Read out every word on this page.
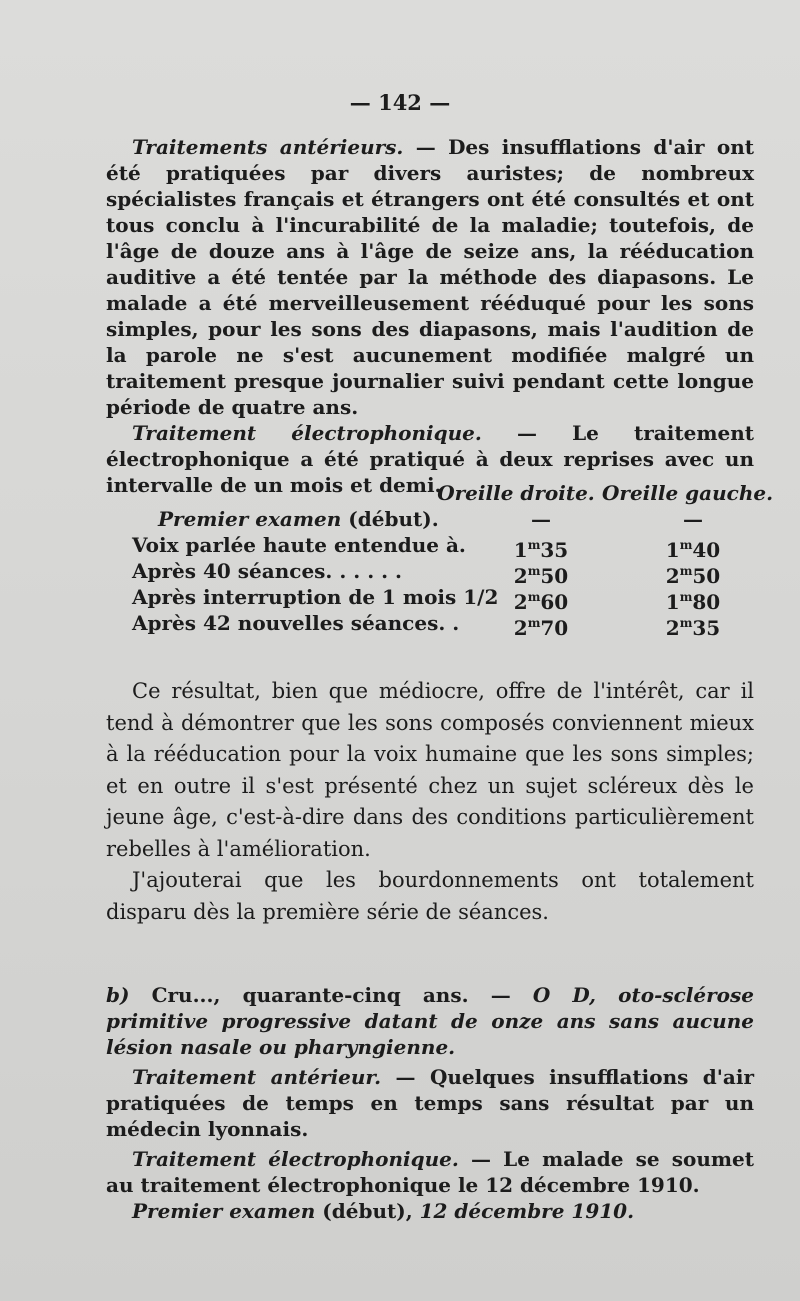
— 142 —

Traitements antérieurs. — Des insufflations d'air ont été pratiquées par divers auristes; de nombreux spécialistes français et étrangers ont été consultés et ont tous conclu à l'incurabilité de la maladie; toutefois, de l'âge de douze ans à l'âge de seize ans, la rééducation auditive a été tentée par la méthode des diapasons. Le malade a été merveilleusement rééduqué pour les sons simples, pour les sons des diapasons, mais l'audition de la parole ne s'est aucunement modifiée malgré un traitement presque journalier suivi pendant cette longue période de quatre ans.

Traitement électrophonique. — Le traitement électrophonique a été pratiqué à deux reprises avec un intervalle de un mois et demi.

Oreille droite. Oreille gauche.
Premier examen (début).	—	—
Voix parlée haute entendue à.	1$^m$35	1$^m$40
Après 40 séances. . . . . .	2$^m$50	2$^m$50
Après interruption de 1 mois 1/2 2$^m$60	1$^m$80
Après 42 nouvelles séances. .	2$^m$70	2$^m$35

Ce résultat, bien que médiocre, offre de l'intérêt, car il tend à démontrer que les sons composés conviennent mieux à la rééducation pour la voix humaine que les sons simples; et en outre il s'est présenté chez un sujet scléreux dès le jeune âge, c'est-à-dire dans des conditions particulièrement rebelles à l'amélioration.

J'ajouterai que les bourdonnements ont totalement disparu dès la première série de séances.

b) Cru..., quarante-cinq ans. — O D, oto-sclérose primitive progressive datant de onze ans sans aucune lésion nasale ou pharyngienne.

Traitement antérieur. — Quelques insufflations d'air pratiquées de temps en temps sans résultat par un médecin lyonnais.

Traitement électrophonique. — Le malade se soumet au traitement électrophonique le 12 décembre 1910.

Premier examen (début), 12 décembre 1910.
